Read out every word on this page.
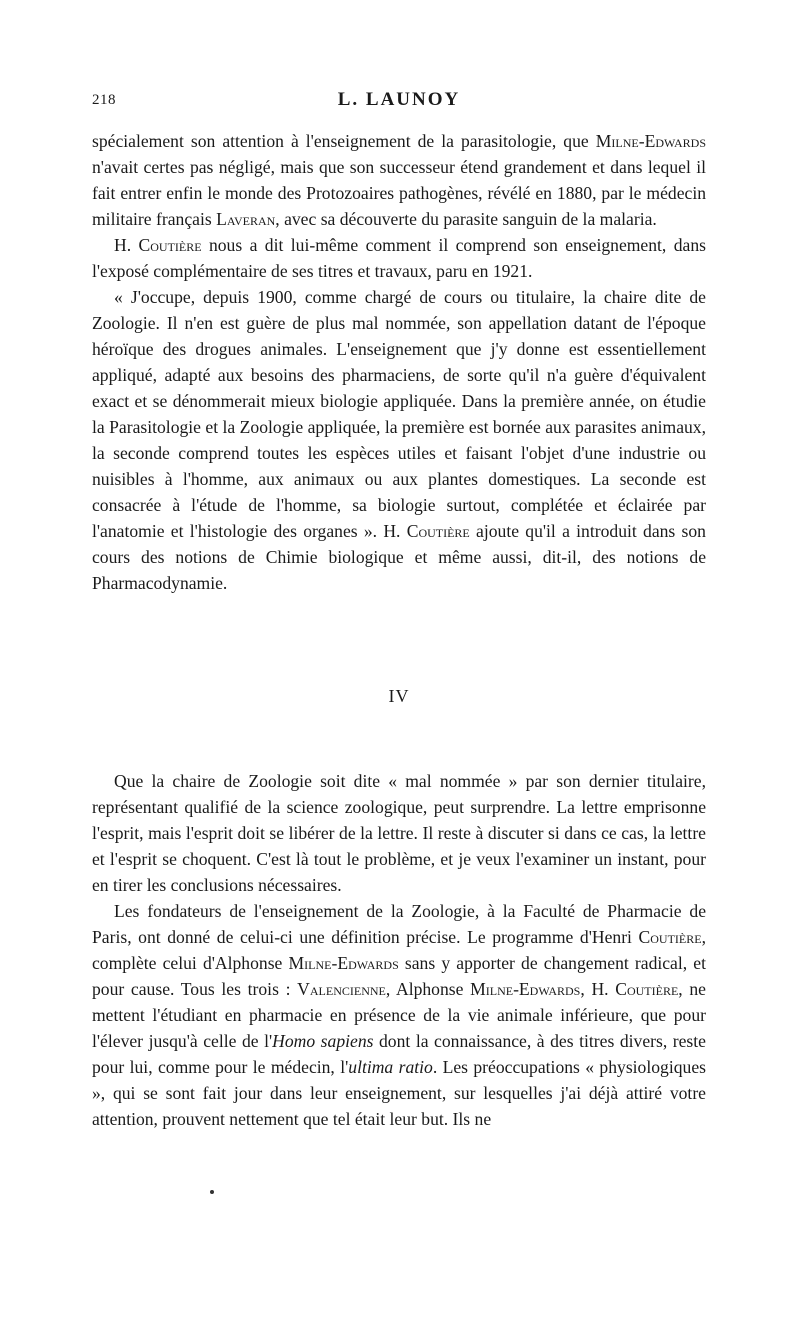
218	L. LAUNOY

spécialement son attention à l'enseignement de la parasitologie, que Milne-Edwards n'avait certes pas négligé, mais que son successeur étend grandement et dans lequel il fait entrer enfin le monde des Protozoaires pathogènes, révélé en 1880, par le médecin militaire français Laveran, avec sa découverte du parasite sanguin de la malaria.

H. Coutière nous a dit lui-même comment il comprend son enseignement, dans l'exposé complémentaire de ses titres et travaux, paru en 1921.

« J'occupe, depuis 1900, comme chargé de cours ou titulaire, la chaire dite de Zoologie. Il n'en est guère de plus mal nommée, son appellation datant de l'époque héroïque des drogues animales. L'enseignement que j'y donne est essentiellement appliqué, adapté aux besoins des pharmaciens, de sorte qu'il n'a guère d'équivalent exact et se dénommerait mieux biologie appliquée. Dans la première année, on étudie la Parasitologie et la Zoologie appliquée, la première est bornée aux parasites animaux, la seconde comprend toutes les espèces utiles et faisant l'objet d'une industrie ou nuisibles à l'homme, aux animaux ou aux plantes domestiques. La seconde est consacrée à l'étude de l'homme, sa biologie surtout, complétée et éclairée par l'anatomie et l'histologie des organes ». H. Coutière ajoute qu'il a introduit dans son cours des notions de Chimie biologique et même aussi, dit-il, des notions de Pharmacodynamie.

IV

Que la chaire de Zoologie soit dite « mal nommée » par son dernier titulaire, représentant qualifié de la science zoologique, peut surprendre. La lettre emprisonne l'esprit, mais l'esprit doit se libérer de la lettre. Il reste à discuter si dans ce cas, la lettre et l'esprit se choquent. C'est là tout le problème, et je veux l'examiner un instant, pour en tirer les conclusions nécessaires.

Les fondateurs de l'enseignement de la Zoologie, à la Faculté de Pharmacie de Paris, ont donné de celui-ci une définition précise. Le programme d'Henri Coutière, complète celui d'Alphonse Milne-Edwards sans y apporter de changement radical, et pour cause. Tous les trois : Valencienne, Alphonse Milne-Edwards, H. Coutière, ne mettent l'étudiant en pharmacie en présence de la vie animale inférieure, que pour l'élever jusqu'à celle de l'Homo sapiens dont la connaissance, à des titres divers, reste pour lui, comme pour le médecin, l'ultima ratio. Les préoccupations « physiologiques », qui se sont fait jour dans leur enseignement, sur lesquelles j'ai déjà attiré votre attention, prouvent nettement que tel était leur but. Ils ne
